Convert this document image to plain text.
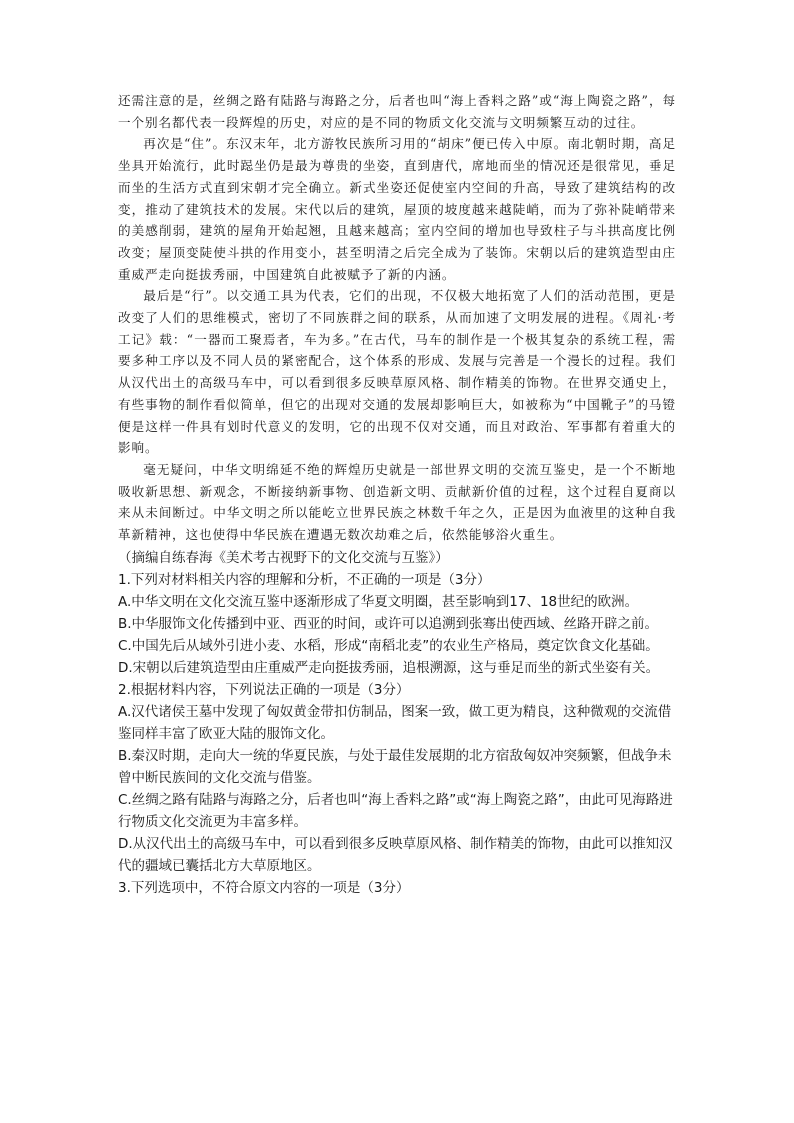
还需注意的是，丝绸之路有陆路与海路之分，后者也叫“海上香料之路”或“海上陶瓷之路”，每一个别名都代表一段辉煌的历史，对应的是不同的物质文化交流与文明频繁互动的过往。

再次是“住”。东汉末年，北方游牧民族所习用的“胡床”便已传入中原。南北朝时期，高足坐具开始流行，此时跽坐仍是最为尊贵的坐姿，直到唐代，席地而坐的情况还是很常见，垂足而坐的生活方式直到宋朝才完全确立。新式坐姿还促使室内空间的升高，导致了建筑结构的改变，推动了建筑技术的发展。宋代以后的建筑，屋顶的坡度越来越陡峭，而为了弥补陡峭带来的美感削弱，建筑的屋角开始起翘，且越来越高；室内空间的增加也导致柱子与斗拱高度比例改变；屋顶变陡使斗拱的作用变小，甚至明清之后完全成为了装饰。宋朝以后的建筑造型由庄重威严走向挺拔秀丽，中国建筑自此被赋予了新的内涵。

最后是“行”。以交通工具为代表，它们的出现，不仅极大地拓宽了人们的活动范围，更是改变了人们的思维模式，密切了不同族群之间的联系，从而加速了文明发展的进程。《周礼·考工记》载：“一器而工聚焉者，车为多。”在古代，马车的制作是一个极其复杂的系统工程，需要多种工序以及不同人员的紧密配合，这个体系的形成、发展与完善是一个漫长的过程。我们从汉代出土的高级马车中，可以看到很多反映草原风格、制作精美的饰物。在世界交通史上，有些事物的制作看似简单，但它的出现对交通的发展却影响巨大，如被称为“中国靴子”的马镫便是这样一件具有划时代意义的发明，它的出现不仅对交通，而且对政治、军事都有着重大的影响。

毫无疑问，中华文明绵延不绝的辉煌历史就是一部世界文明的交流互鉴史，是一个不断地吸收新思想、新观念，不断接纳新事物、创造新文明、贡献新价值的过程，这个过程自夏商以来从未间断过。中华文明之所以能屹立世界民族之林数千年之久，正是因为血液里的这种自我革新精神，这也使得中华民族在遭遇无数次劫难之后，依然能够浴火重生。

（摘编自练春海《美术考古视野下的文化交流与互鉴》）

1.下列对材料相关内容的理解和分析，不正确的一项是（3分）

A.中华文明在文化交流互鉴中逐渐形成了华夏文明圈，甚至影响到17、18世纪的欧洲。

B.中华服饰文化传播到中亚、西亚的时间，或许可以追溯到张骞出使西域、丝路开辟之前。

C.中国先后从域外引进小麦、水稻，形成“南稻北麦”的农业生产格局，奠定饮食文化基础。

D.宋朝以后建筑造型由庄重威严走向挺拔秀丽，追根溯源，这与垂足而坐的新式坐姿有关。

2.根据材料内容，下列说法正确的一项是（3分）

A.汉代诸侯王墓中发现了匈奴黄金带扣仿制品，图案一致，做工更为精良，这种微观的交流借鉴同样丰富了欧亚大陆的服饰文化。

B.秦汉时期，走向大一统的华夏民族，与处于最佳发展期的北方宿敌匈奴冲突频繁，但战争未曾中断民族间的文化交流与借鉴。

C.丝绸之路有陆路与海路之分，后者也叫“海上香料之路”或“海上陶瓷之路”，由此可见海路进行物质文化交流更为丰富多样。

D.从汉代出土的高级马车中，可以看到很多反映草原风格、制作精美的饰物，由此可以推知汉代的疆域已囊括北方大草原地区。

3.下列选项中，不符合原文内容的一项是（3分）
